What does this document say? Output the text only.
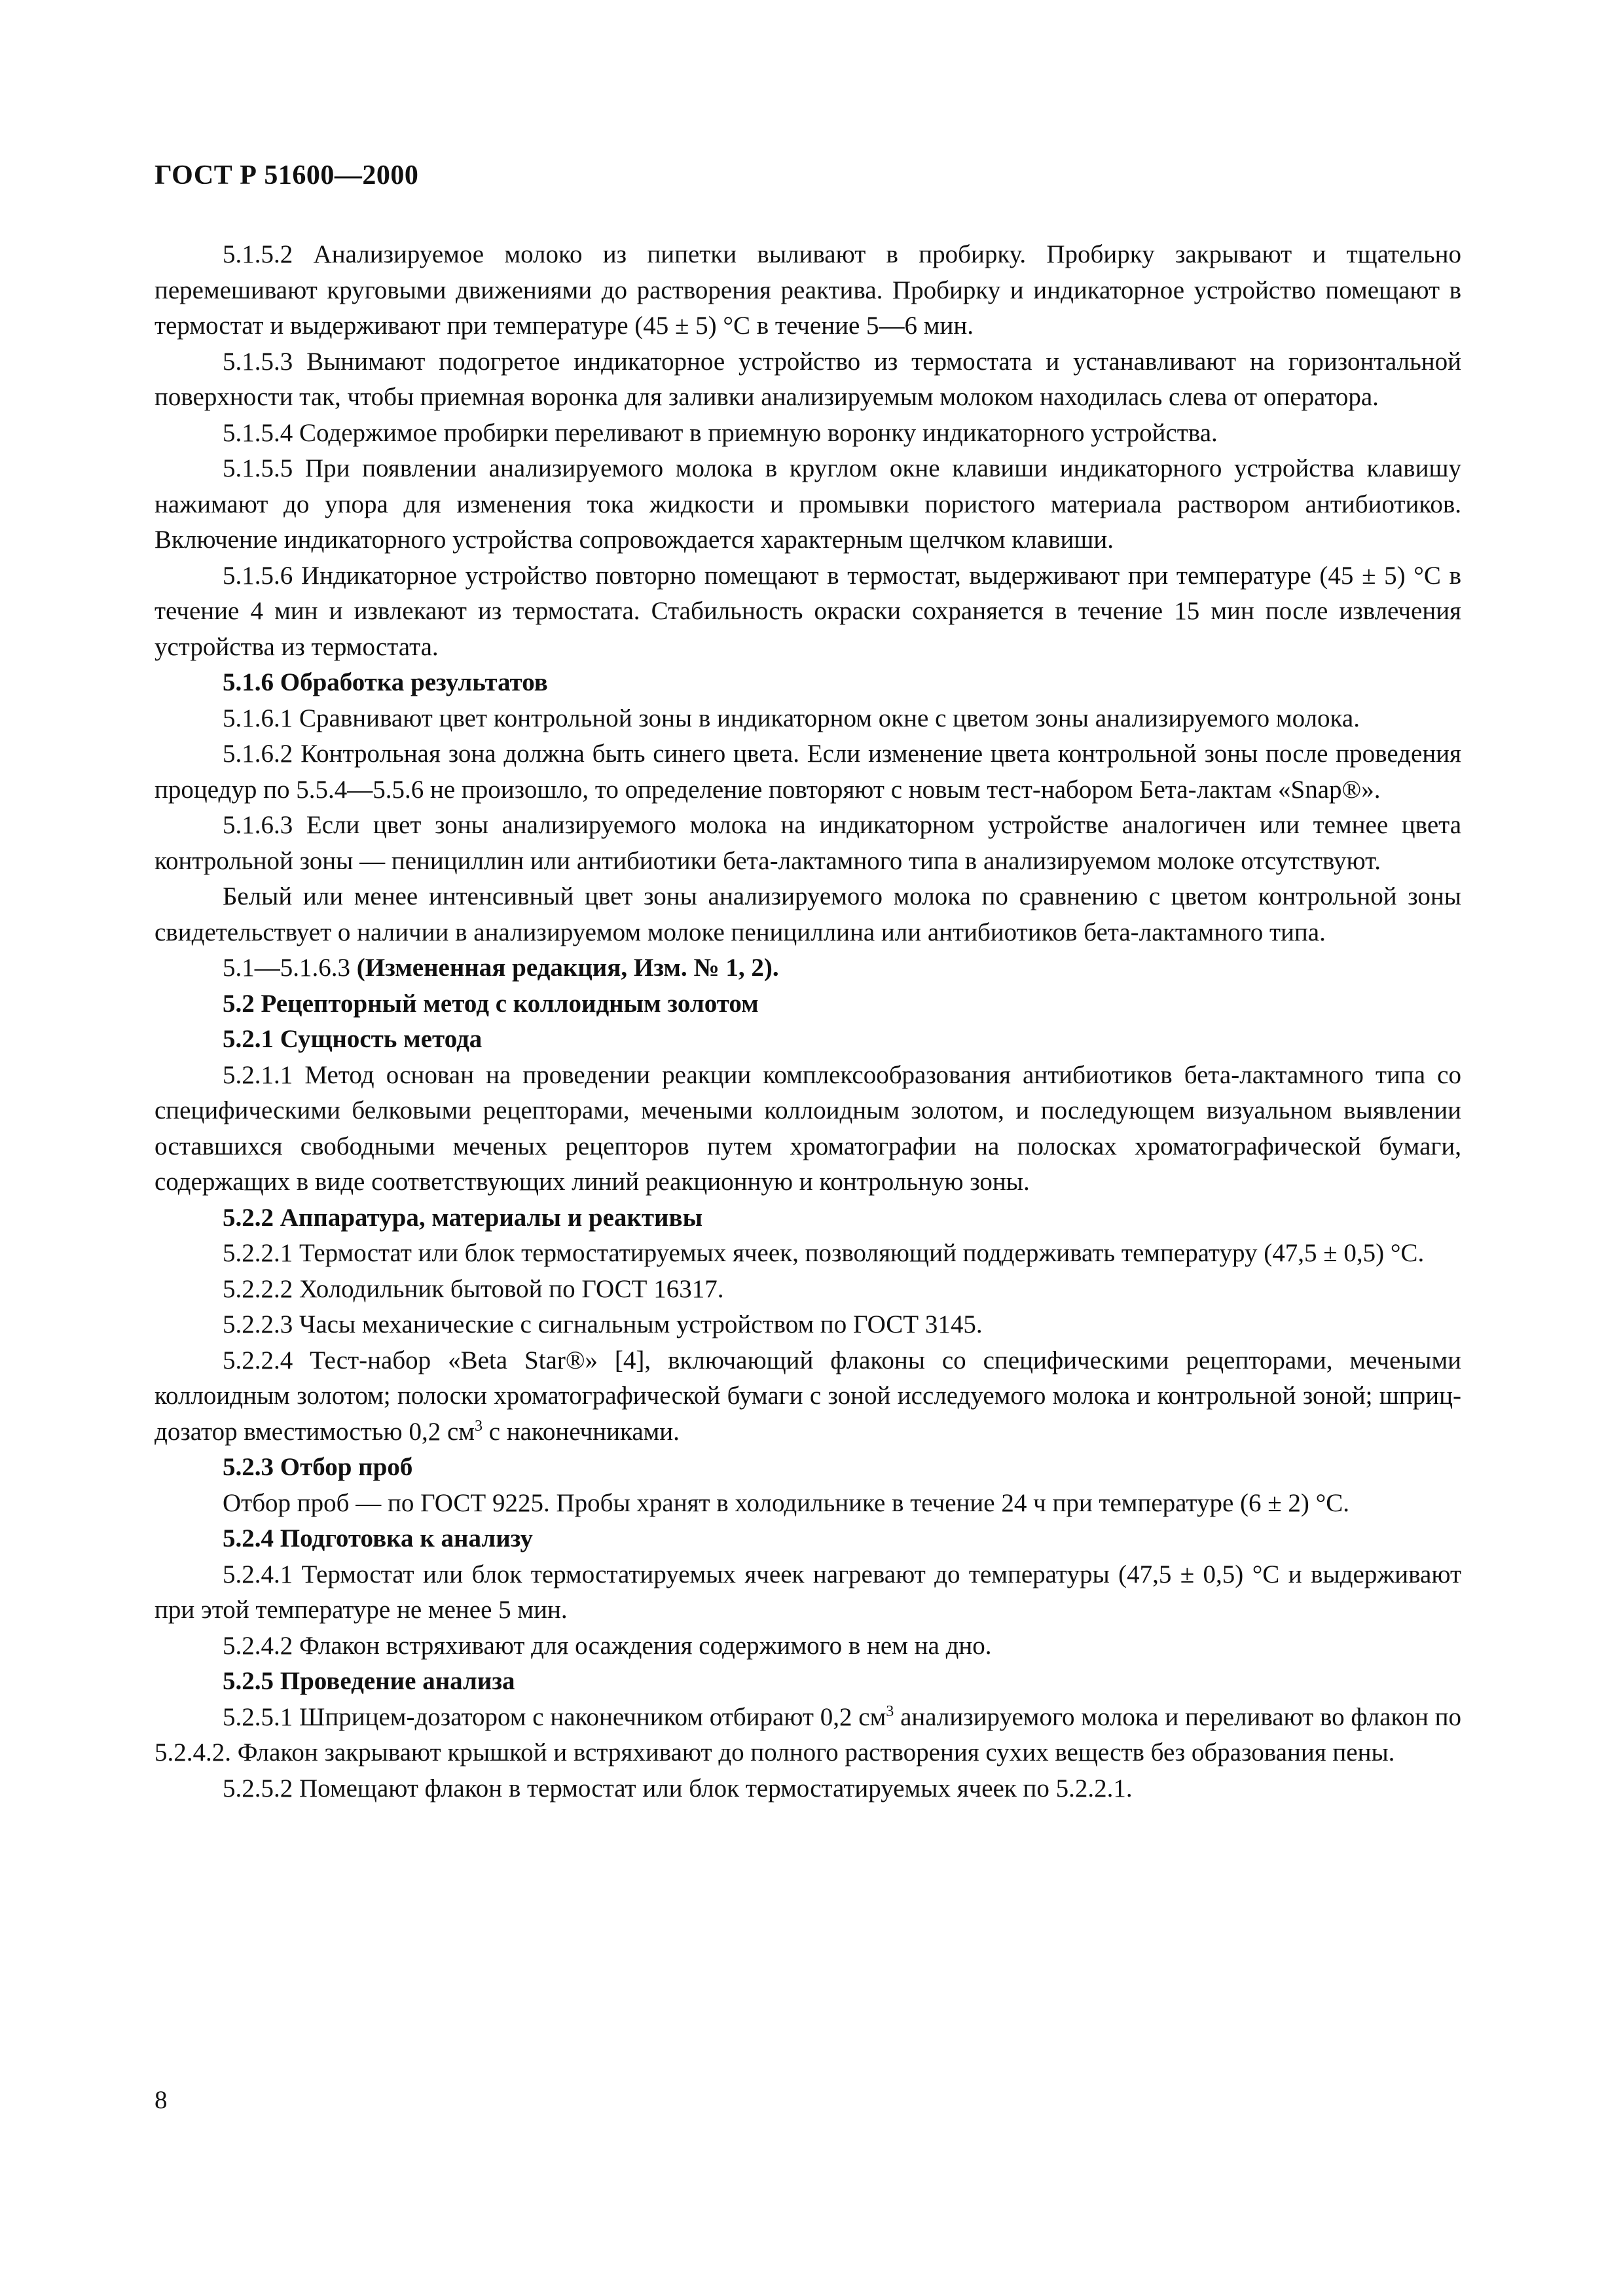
ГОСТ Р 51600—2000

5.1.5.2 Анализируемое молоко из пипетки выливают в пробирку. Пробирку закрывают и тщательно перемешивают круговыми движениями до растворения реактива. Пробирку и индикаторное устройство помещают в термостат и выдерживают при температуре (45 ± 5) °С в течение 5—6 мин.

5.1.5.3 Вынимают подогретое индикаторное устройство из термостата и устанавливают на горизонтальной поверхности так, чтобы приемная воронка для заливки анализируемым молоком находилась слева от оператора.

5.1.5.4 Содержимое пробирки переливают в приемную воронку индикаторного устройства.

5.1.5.5 При появлении анализируемого молока в круглом окне клавиши индикаторного устройства клавишу нажимают до упора для изменения тока жидкости и промывки пористого материала раствором антибиотиков. Включение индикаторного устройства сопровождается характерным щелчком клавиши.

5.1.5.6 Индикаторное устройство повторно помещают в термостат, выдерживают при температуре (45 ± 5) °С в течение 4 мин и извлекают из термостата. Стабильность окраски сохраняется в течение 15 мин после извлечения устройства из термостата.

5.1.6 Обработка результатов

5.1.6.1 Сравнивают цвет контрольной зоны в индикаторном окне с цветом зоны анализируемого молока.

5.1.6.2 Контрольная зона должна быть синего цвета. Если изменение цвета контрольной зоны после проведения процедур по 5.5.4—5.5.6 не произошло, то определение повторяют с новым тест-набором Бета-лактам «Snap®».

5.1.6.3 Если цвет зоны анализируемого молока на индикаторном устройстве аналогичен или темнее цвета контрольной зоны — пенициллин или антибиотики бета-лактамного типа в анализируемом молоке отсутствуют.

Белый или менее интенсивный цвет зоны анализируемого молока по сравнению с цветом контрольной зоны свидетельствует о наличии в анализируемом молоке пенициллина или антибиотиков бета-лактамного типа.

5.1—5.1.6.3 (Измененная редакция, Изм. № 1, 2).

5.2 Рецепторный метод с коллоидным золотом

5.2.1 Сущность метода

5.2.1.1 Метод основан на проведении реакции комплексообразования антибиотиков бета-лактамного типа со специфическими белковыми рецепторами, мечеными коллоидным золотом, и последующем визуальном выявлении оставшихся свободными меченых рецепторов путем хроматографии на полосках хроматографической бумаги, содержащих в виде соответствующих линий реакционную и контрольную зоны.

5.2.2 Аппаратура, материалы и реактивы

5.2.2.1 Термостат или блок термостатируемых ячеек, позволяющий поддерживать температуру (47,5 ± 0,5) °С.

5.2.2.2 Холодильник бытовой по ГОСТ 16317.

5.2.2.3 Часы механические с сигнальным устройством по ГОСТ 3145.

5.2.2.4 Тест-набор «Beta Star®» [4], включающий флаконы со специфическими рецепторами, мечеными коллоидным золотом; полоски хроматографической бумаги с зоной исследуемого молока и контрольной зоной; шприц-дозатор вместимостью 0,2 $см^3$ с наконечниками.

5.2.3 Отбор проб

Отбор проб — по ГОСТ 9225. Пробы хранят в холодильнике в течение 24 ч при температуре (6 ± 2) °С.

5.2.4 Подготовка к анализу

5.2.4.1 Термостат или блок термостатируемых ячеек нагревают до температуры (47,5 ± 0,5) °С и выдерживают при этой температуре не менее 5 мин.

5.2.4.2 Флакон встряхивают для осаждения содержимого в нем на дно.

5.2.5 Проведение анализа

5.2.5.1 Шприцем-дозатором с наконечником отбирают 0,2 $см^3$ анализируемого молока и переливают во флакон по 5.2.4.2. Флакон закрывают крышкой и встряхивают до полного растворения сухих веществ без образования пены.

5.2.5.2 Помещают флакон в термостат или блок термостатируемых ячеек по 5.2.2.1.

8
